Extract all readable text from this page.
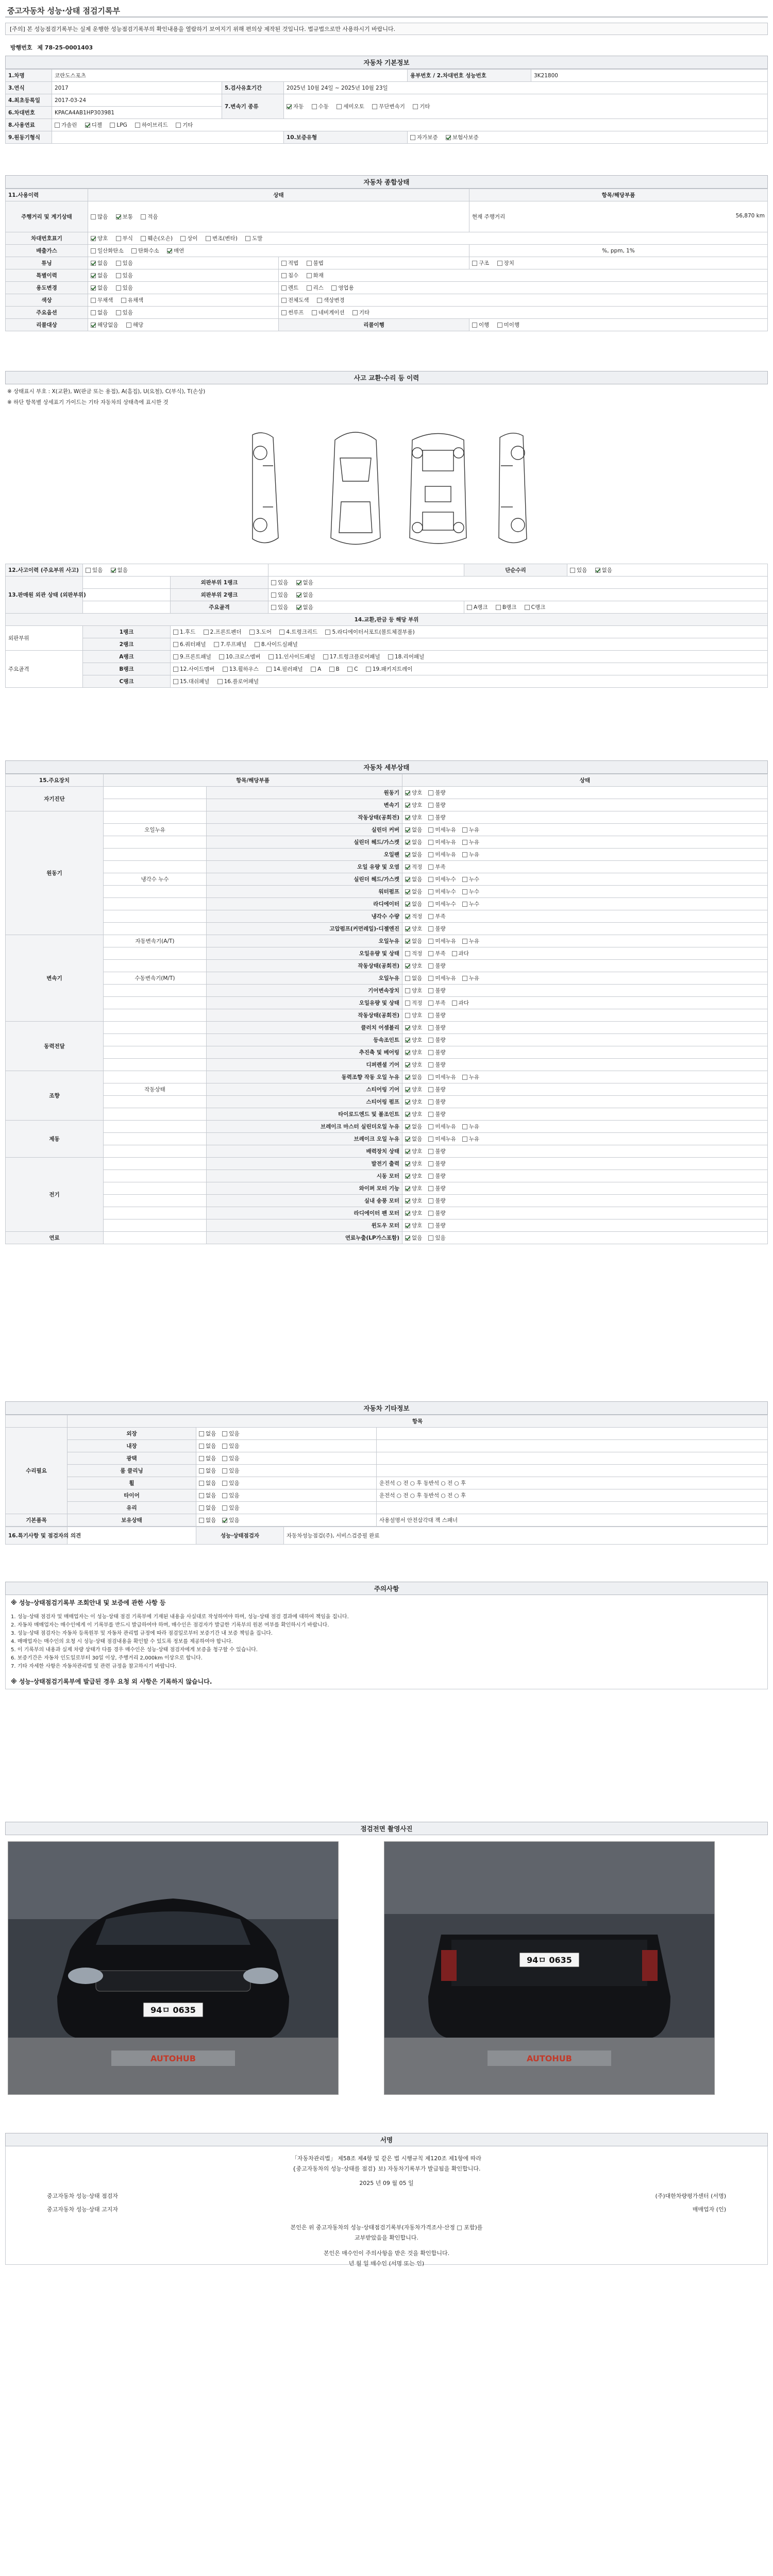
중고자동차 성능·상태 점검기록부
[주의] 본 성능점검기록부는 실제 운행한 성능점검기록부의 확인내용을 열람하기 보여지기 위해 편의상 제작된 것입니다. 법규법으로만 사용하시기 바랍니다.
방행번호 제 78-25-0001403
자동차 기본정보
1.차명	코란도스포츠			용부번호 / 2.차대번호 성능번호	3K21800
3.연식	2017	5.검사유효기간	2025년 10월 24일 ~ 2025년 10월 23일		
4.최초등록일	2017-03-24	7.변속기 종류	자동 수동 세미오토 무단변속기 기타		
6.차대번호	KPACA4AB1HP303981				
8.사용연료	가솔린 디젤 LPG 하이브리드 기타				
9.원동기형식			10.보증유형	자가보증 보험사보증	
자동차 종합상태
11.사용이력	상태		항목/해당부품
주행거리 및 계기상태	많음 보통 적음		현재 주행거리 56,870 km

차대번호표기	양호 부식 훼손(오손) 상이 변조(변타) 도말		
배출가스	일산화탄소 탄화수소 매연		%, ppm, 1%
튜닝	없음 있음	적법 불법	구조 장치
특별이력	없음 있음	침수 화재	
용도변경	없음 있음	렌트 리스 영업용	
색상	무채색 유채색	전체도색 색상변경	
주요옵션	없음 있음	썬루프 네비게이션 기타	
리콜대상	해당없음 해당	리콜이행	이행 미이행
사고 교환·수리 등 이력
※ 상태표시 부호 : X(교환), W(판금 또는 용접), A(흠집), U(요철), C(부식), T(손상)
※ 하단 항목별 상세표기 가이드는 기타 자동차의 상태측에 표시한 것
12.사고이력 (주요부위 사고)	있음 없음			단순수리	있음 없음
13.판매원 외관 상태 (외판부위)		외판부위 1랭크	있음 없음		
		외판부위 2랭크	있음 없음		
		주요골격	있음 없음	A랭크 B랭크 C랭크	
14.교환,판금 등 해당 부위					
외판부위	1랭크	1.후드 2.프론트펜더 3.도어 4.트렁크리드 5.라디에이터서포트(볼트체결부품)			
	2랭크	6.쿼터패널 7.루프패널 8.사이드실패널			
주요골격	A랭크	9.프론트패널 10.크로스멤버 11.인사이드패널 17.트렁크플로어패널 18.리어패널			
	B랭크	12.사이드멤버 13.휠하우스 14.필러패널 A B C 19.패키지트레이			
	C랭크	15.대쉬패널 16.플로어패널			
자동차 세부상태
15.주요장치	항목/해당부품		상태
자기진단		원동기	양호 불량
		변속기	양호 불량
원동기		작동상태(공회전)	양호 불량
	오일누유	실린더 커버	없음 미세누유 누유
		실린더 헤드/가스켓	없음 미세누유 누유
		오일팬	없음 미세누유 누유
		오일 유량 및 오염	적정 부족
	냉각수 누수	실린더 헤드/가스켓	없음 미세누수 누수
		워터펌프	없음 미세누수 누수
		라디에이터	없음 미세누수 누수
		냉각수 수량	적정 부족
		고압펌프(커먼레일)-디젤엔진	양호 불량
변속기	자동변속기(A/T)	오일누유	없음 미세누유 누유
		오일유량 및 상태	적정 부족 과다
		작동상태(공회전)	양호 불량
	수동변속기(M/T)	오일누유	없음 미세누유 누유
		기어변속장치	양호 불량
		오일유량 및 상태	적정 부족 과다
		작동상태(공회전)	양호 불량
동력전달		클러치 어셈블리	양호 불량
		등속조인트	양호 불량
		추진축 및 베어링	양호 불량
		디퍼렌셜 기어	양호 불량
조향		동력조향 작동 오일 누유	없음 미세누유 누유
	작동상태	스티어링 기어	양호 불량
		스티어링 펌프	양호 불량
		타이로드엔드 및 볼조인트	양호 불량
제동		브레이크 마스터 실린더오일 누유	없음 미세누유 누유
		브레이크 오일 누유	없음 미세누유 누유
		배력장치 상태	양호 불량
전기		발전기 출력	양호 불량
		시동 모터	양호 불량
		와이퍼 모터 기능	양호 불량
		실내 송풍 모터	양호 불량
		라디에이터 팬 모터	양호 불량
		윈도우 모터	양호 불량
연료		연료누출(LP가스포함)	없음 있음
자동차 기타정보
	항목		
수리필요	외장	없음 있음	
	내장	없음 있음	
	광택	없음 있음	
	룸 클리닝	없음 있음	
	휠	없음 있음	운전석 ○ 전 ○ 후 동반석 ○ 전 ○ 후
	타이어	없음 있음	운전석 ○ 전 ○ 후 동반석 ○ 전 ○ 후
	유리	없음 있음	
기본품목	보유상태	없음 있음	사용설명서 안전삼각대 잭 스패너
16.특기사항 및 점검자의 의견		성능·상태점검자	자동차성능점검(주), 서비스검증필 완료
주의사항
※ 성능·상태점검기록부 조회안내 및 보증에 관한 사항 등
1. 성능·상태 점검자 및 매매업자는 이 성능·상태 점검 기록부에 기재된 내용을 사실대로 작성하여야 하며, 성능·상태 점검 결과에 대하여 책임을 집니다.
2. 자동차 매매업자는 매수인에게 이 기록부를 반드시 발급하여야 하며, 매수인은 점검자가 발급한 기록부의 원본 여부를 확인하시기 바랍니다.
3. 성능·상태 점검자는 자동차 등록원부 및 자동차 관리법 규정에 따라 점검일로부터 보증기간 내 보증 책임을 집니다.
4. 매매업자는 매수인의 요청 시 성능·상태 점검내용을 확인할 수 있도록 정보를 제공하여야 합니다.
5. 이 기록부의 내용과 실제 차량 상태가 다를 경우 매수인은 성능·상태 점검자에게 보증을 청구할 수 있습니다.
6. 보증기간은 자동차 인도일로부터 30일 이상, 주행거리 2,000km 이상으로 합니다.
7. 기타 자세한 사항은 자동차관리법 및 관련 규정을 참고하시기 바랍니다.
※ 성능·상태점검기록부에 발급된 경우 요청 외 사항은 기록하지 않습니다.
점검전면 촬영사진
94ㅁ 0635
AUTOHUB
94ㅁ 0635
AUTOHUB
서명
「자동차관리법」 제58조 제4항 및 같은 법 시행규칙 제120조 제1항에 따라
{중고자동차의 성능·상태를 점검} 보) 자동차기록부가 발급됨을 확인합니다.
2025 년 09 월 05 일
중고자동차 성능·상태 점검자	(주)대한차량평가센터 (서명)
중고자동차 성능·상태 고지자	매매업자 (인)
본인은 위 중고자동차의 성능·상태점검기록부(자동차가격조사·산정 □ 포함)를
교부받았음을 확인합니다.
본인은 매수인이 주의사항을 받은 것을 확인합니다.
년 월 일 매수인 (서명 또는 인)
